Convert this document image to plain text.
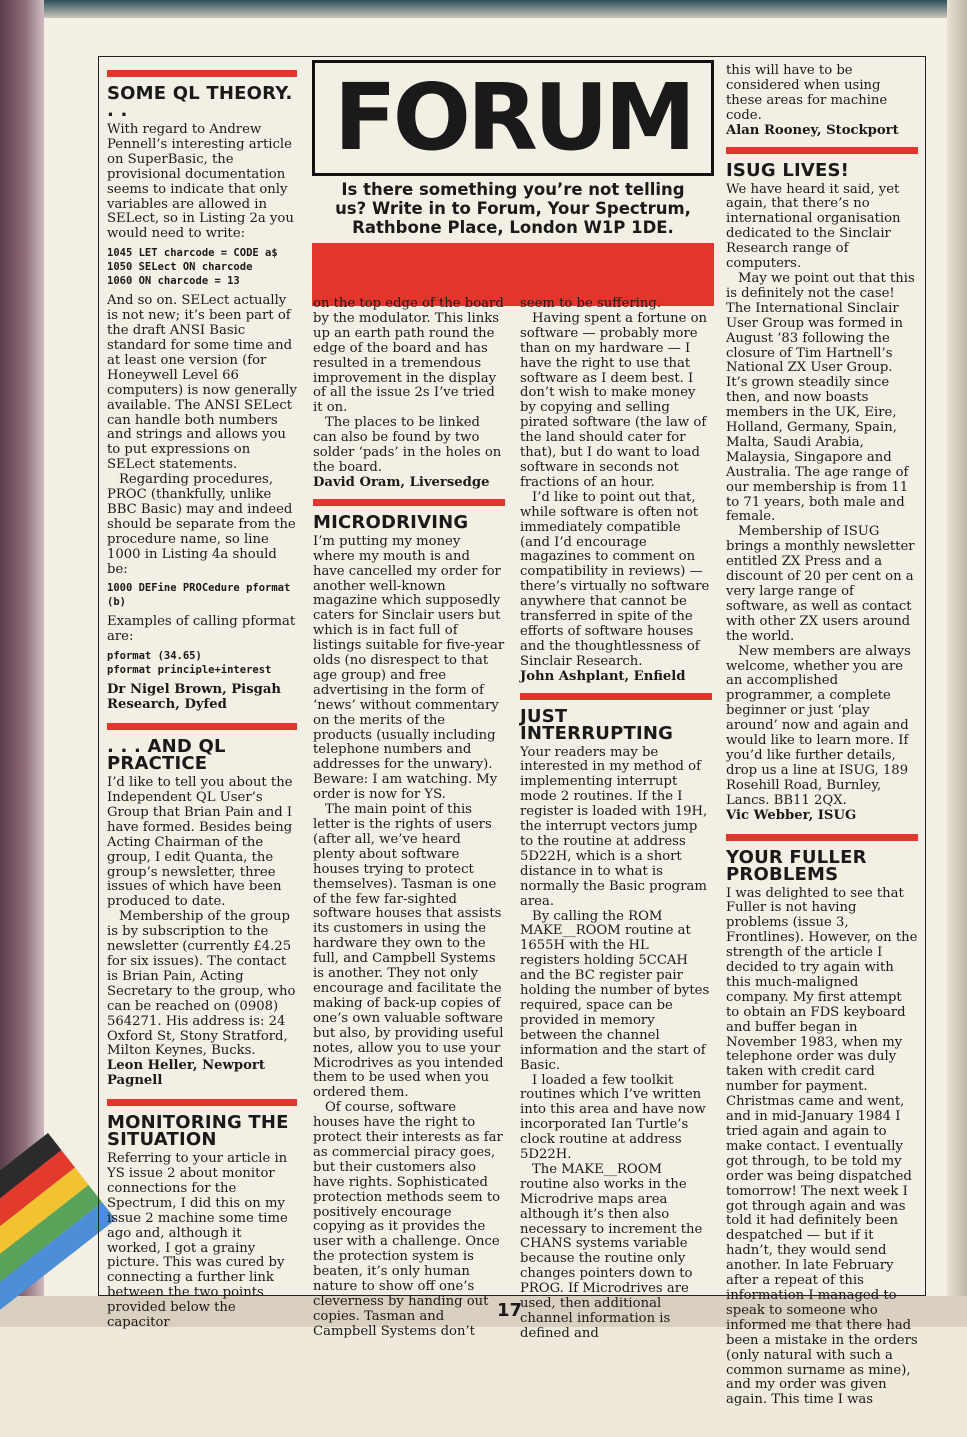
SOME QL THEORY. . .

With regard to Andrew Pennell’s interesting article on SuperBasic, the provisional documentation seems to indicate that only variables are allowed in SELect, so in Listing 2a you would need to write:

1045 LET charcode = CODE a$
1050 SELect ON charcode
1060 ON charcode = 13

And so on. SELect actually is not new; it’s been part of the draft ANSI Basic standard for some time and at least one version (for Honeywell Level 66 computers) is now generally available. The ANSI SELect can handle both numbers and strings and allows you to put expressions on SELect statements.

Regarding procedures, PROC (thankfully, unlike BBC Basic) may and indeed should be separate from the procedure name, so line 1000 in Listing 4a should be:

1000 DEFine PROCedure pformat (b)

Examples of calling pformat are:

pformat (34.65)
pformat principle+interest

Dr Nigel Brown, Pisgah Research, Dyfed

. . . AND QL PRACTICE

I’d like to tell you about the Independent QL User’s Group that Brian Pain and I have formed. Besides being Acting Chairman of the group, I edit Quanta, the group’s newsletter, three issues of which have been produced to date.

Membership of the group is by subscription to the newsletter (currently £4.25 for six issues). The contact is Brian Pain, Acting Secretary to the group, who can be reached on (0908) 564271. His address is: 24 Oxford St, Stony Stratford, Milton Keynes, Bucks.

Leon Heller, Newport Pagnell

MONITORING THE SITUATION

Referring to your article in YS issue 2 about monitor connections for the Spectrum, I did this on my issue 2 machine some time ago and, although it worked, I got a grainy picture. This was cured by connecting a further link between the two points provided below the capacitor

FORUM
Is there something you’re not telling
us? Write in to Forum, Your Spectrum,
Rathbone Place, London W1P 1DE.

on the top edge of the board by the modulator. This links up an earth path round the edge of the board and has resulted in a tremendous improvement in the display of all the issue 2s I’ve tried it on.

The places to be linked can also be found by two solder ‘pads’ in the holes on the board.

David Oram, Liversedge

MICRODRIVING

I’m putting my money where my mouth is and have cancelled my order for another well-known magazine which supposedly caters for Sinclair users but which is in fact full of listings suitable for five-year olds (no disrespect to that age group) and free advertising in the form of ‘news’ without commentary on the merits of the products (usually including telephone numbers and addresses for the unwary). Beware: I am watching. My order is now for YS.

The main point of this letter is the rights of users (after all, we’ve heard plenty about software houses trying to protect themselves). Tasman is one of the few far-sighted software houses that assists its customers in using the hardware they own to the full, and Campbell Systems is another. They not only encourage and facilitate the making of back-up copies of one’s own valuable software but also, by providing useful notes, allow you to use your Microdrives as you intended them to be used when you ordered them.

Of course, software houses have the right to protect their interests as far as commercial piracy goes, but their customers also have rights. Sophisticated protection methods seem to positively encourage copying as it provides the user with a challenge. Once the protection system is beaten, it’s only human nature to show off one’s cleverness by handing out copies. Tasman and Campbell Systems don’t

seem to be suffering.

Having spent a fortune on software — probably more than on my hardware — I have the right to use that software as I deem best. I don’t wish to make money by copying and selling pirated software (the law of the land should cater for that), but I do want to load software in seconds not fractions of an hour.

I’d like to point out that, while software is often not immediately compatible (and I’d encourage magazines to comment on compatibility in reviews) — there’s virtually no software anywhere that cannot be transferred in spite of the efforts of software houses and the thoughtlessness of Sinclair Research.

John Ashplant, Enfield

JUST INTERRUPTING

Your readers may be interested in my method of implementing interrupt mode 2 routines. If the I register is loaded with 19H, the interrupt vectors jump to the routine at address 5D22H, which is a short distance in to what is normally the Basic program area.

By calling the ROM MAKE__ROOM routine at 1655H with the HL registers holding 5CCAH and the BC register pair holding the number of bytes required, space can be provided in memory between the channel information and the start of Basic.

I loaded a few toolkit routines which I’ve written into this area and have now incorporated Ian Turtle’s clock routine at address 5D22H.

The MAKE__ROOM routine also works in the Microdrive maps area although it’s then also necessary to increment the CHANS systems variable because the routine only changes pointers down to PROG. If Microdrives are used, then additional channel information is defined and

this will have to be considered when using these areas for machine code.

Alan Rooney, Stockport

ISUG LIVES!

We have heard it said, yet again, that there’s no international organisation dedicated to the Sinclair Research range of computers.

May we point out that this is definitely not the case! The International Sinclair User Group was formed in August ’83 following the closure of Tim Hartnell’s National ZX User Group. It’s grown steadily since then, and now boasts members in the UK, Eire, Holland, Germany, Spain, Malta, Saudi Arabia, Malaysia, Singapore and Australia. The age range of our membership is from 11 to 71 years, both male and female.

Membership of ISUG brings a monthly newsletter entitled ZX Press and a discount of 20 per cent on a very large range of software, as well as contact with other ZX users around the world.

New members are always welcome, whether you are an accomplished programmer, a complete beginner or just ‘play around’ now and again and would like to learn more. If you’d like further details, drop us a line at ISUG, 189 Rosehill Road, Burnley, Lancs. BB11 2QX.

Vic Webber, ISUG

YOUR FULLER PROBLEMS

I was delighted to see that Fuller is not having problems (issue 3, Frontlines). However, on the strength of the article I decided to try again with this much-maligned company. My first attempt to obtain an FDS keyboard and buffer began in November 1983, when my telephone order was duly taken with credit card number for payment. Christmas came and went, and in mid-January 1984 I tried again and again to make contact. I eventually got through, to be told my order was being dispatched tomorrow! The next week I got through again and was told it had definitely been despatched — but if it hadn’t, they would send another. In late February after a repeat of this information I managed to speak to someone who informed me that there had been a mistake in the orders (only natural with such a common surname as mine), and my order was given again. This time I was

17
